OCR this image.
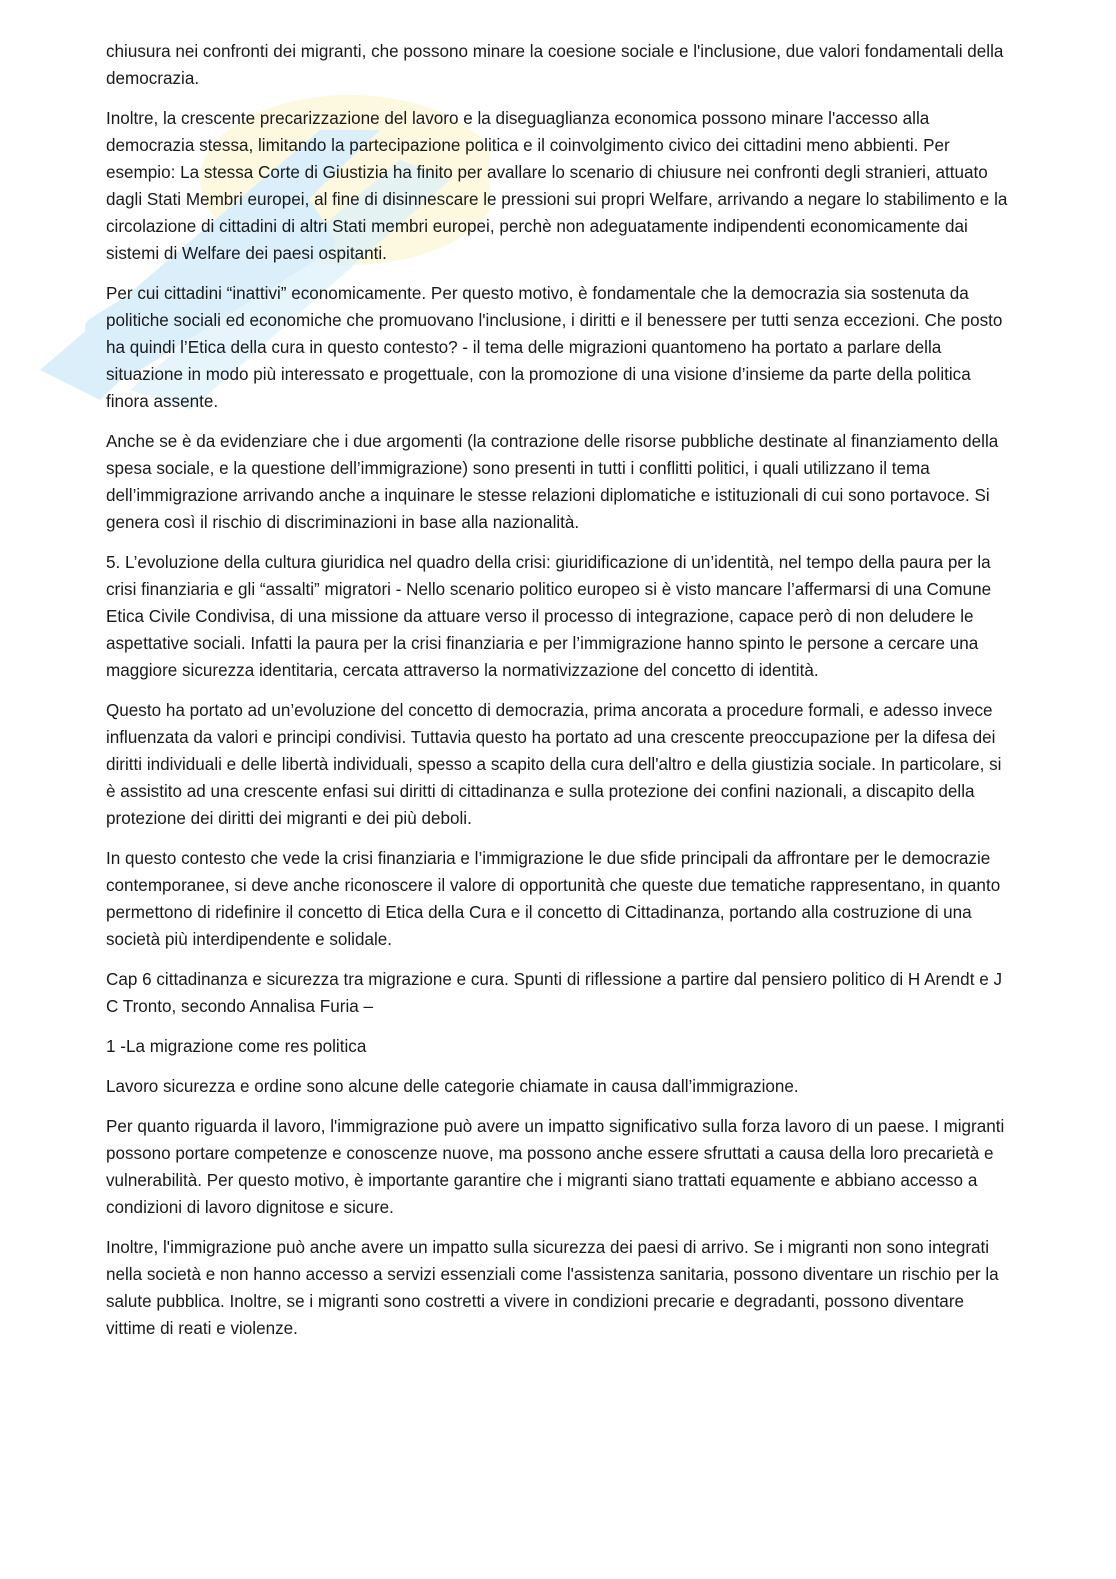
chiusura nei confronti dei migranti, che possono minare la coesione sociale e l'inclusione, due valori fondamentali della democrazia.

Inoltre, la crescente precarizzazione del lavoro e la diseguaglianza economica possono minare l'accesso alla democrazia stessa, limitando la partecipazione politica e il coinvolgimento civico dei cittadini meno abbienti. Per esempio: La stessa Corte di Giustizia ha finito per avallare lo scenario di chiusure nei confronti degli stranieri, attuato dagli Stati Membri europei, al fine di disinnescare le pressioni sui propri Welfare, arrivando a negare lo stabilimento e la circolazione di cittadini di altri Stati membri europei, perchè non adeguatamente indipendenti economicamente dai sistemi di Welfare dei paesi ospitanti.

Per cui cittadini “inattivi” economicamente. Per questo motivo, è fondamentale che la democrazia sia sostenuta da politiche sociali ed economiche che promuovano l'inclusione, i diritti e il benessere per tutti senza eccezioni. Che posto ha quindi l’Etica della cura in questo contesto? - il tema delle migrazioni quantomeno ha portato a parlare della situazione in modo più interessato e progettuale, con la promozione di una visione d’insieme da parte della politica finora assente.

Anche se è da evidenziare che i due argomenti (la contrazione delle risorse pubbliche destinate al finanziamento della spesa sociale, e la questione dell’immigrazione) sono presenti in tutti i conflitti politici, i quali utilizzano il tema dell’immigrazione arrivando anche a inquinare le stesse relazioni diplomatiche e istituzionali di cui sono portavoce. Si genera così il rischio di discriminazioni in base alla nazionalità.

5. L’evoluzione della cultura giuridica nel quadro della crisi: giuridificazione di un’identità, nel tempo della paura per la crisi finanziaria e gli “assalti” migratori - Nello scenario politico europeo si è visto mancare l’affermarsi di una Comune Etica Civile Condivisa, di una missione da attuare verso il processo di integrazione, capace però di non deludere le aspettative sociali. Infatti la paura per la crisi finanziaria e per l’immigrazione hanno spinto le persone a cercare una maggiore sicurezza identitaria, cercata attraverso la normativizzazione del concetto di identità.

Questo ha portato ad un’evoluzione del concetto di democrazia, prima ancorata a procedure formali, e adesso invece influenzata da valori e principi condivisi. Tuttavia questo ha portato ad una crescente preoccupazione per la difesa dei diritti individuali e delle libertà individuali, spesso a scapito della cura dell'altro e della giustizia sociale. In particolare, si è assistito ad una crescente enfasi sui diritti di cittadinanza e sulla protezione dei confini nazionali, a discapito della protezione dei diritti dei migranti e dei più deboli.

In questo contesto che vede la crisi finanziaria e l’immigrazione le due sfide principali da affrontare per le democrazie contemporanee, si deve anche riconoscere il valore di opportunità che queste due tematiche rappresentano, in quanto permettono di ridefinire il concetto di Etica della Cura e il concetto di Cittadinanza, portando alla costruzione di una società più interdipendente e solidale.

Cap 6 cittadinanza e sicurezza tra migrazione e cura. Spunti di riflessione a partire dal pensiero politico di H Arendt e J C Tronto, secondo Annalisa Furia –

1 -La migrazione come res politica

Lavoro sicurezza e ordine sono alcune delle categorie chiamate in causa dall’immigrazione.

Per quanto riguarda il lavoro, l'immigrazione può avere un impatto significativo sulla forza lavoro di un paese. I migranti possono portare competenze e conoscenze nuove, ma possono anche essere sfruttati a causa della loro precarietà e vulnerabilità. Per questo motivo, è importante garantire che i migranti siano trattati equamente e abbiano accesso a condizioni di lavoro dignitose e sicure.

Inoltre, l'immigrazione può anche avere un impatto sulla sicurezza dei paesi di arrivo. Se i migranti non sono integrati nella società e non hanno accesso a servizi essenziali come l'assistenza sanitaria, possono diventare un rischio per la salute pubblica. Inoltre, se i migranti sono costretti a vivere in condizioni precarie e degradanti, possono diventare vittime di reati e violenze.
